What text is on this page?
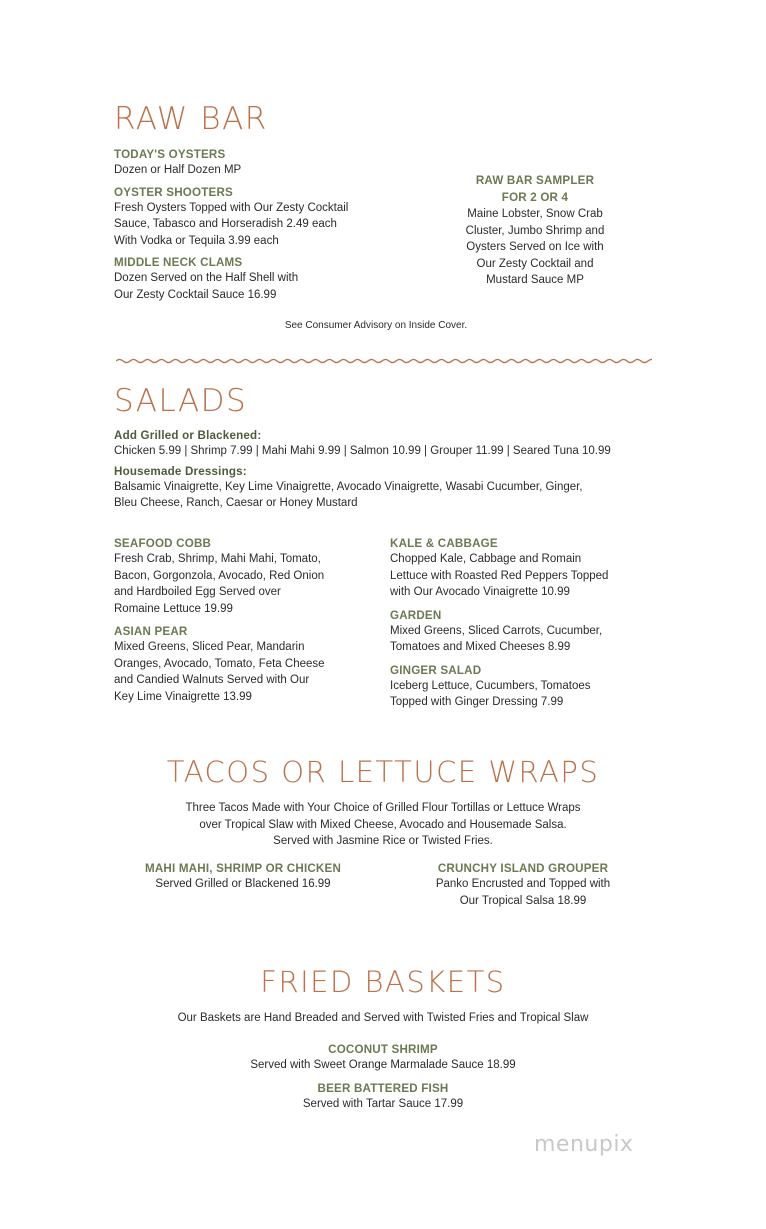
RAW BAR
TODAY'S OYSTERS
Dozen or Half Dozen MP
OYSTER SHOOTERS
Fresh Oysters Topped with Our Zesty Cocktail
Sauce, Tabasco and Horseradish 2.49 each
With Vodka or Tequila 3.99 each
MIDDLE NECK CLAMS
Dozen Served on the Half Shell with
Our Zesty Cocktail Sauce 16.99
RAW BAR SAMPLER
FOR 2 OR 4
Maine Lobster, Snow Crab
Cluster, Jumbo Shrimp and
Oysters Served on Ice with
Our Zesty Cocktail and
Mustard Sauce MP
See Consumer Advisory on Inside Cover.
SALADS
Add Grilled or Blackened:
Chicken 5.99 | Shrimp 7.99 | Mahi Mahi 9.99 | Salmon 10.99 | Grouper 11.99 | Seared Tuna 10.99
Housemade Dressings:
Balsamic Vinaigrette, Key Lime Vinaigrette, Avocado Vinaigrette, Wasabi Cucumber, Ginger,
Bleu Cheese, Ranch, Caesar or Honey Mustard
SEAFOOD COBB
Fresh Crab, Shrimp, Mahi Mahi, Tomato,
Bacon, Gorgonzola, Avocado, Red Onion
and Hardboiled Egg Served over
Romaine Lettuce 19.99
ASIAN PEAR
Mixed Greens, Sliced Pear, Mandarin
Oranges, Avocado, Tomato, Feta Cheese
and Candied Walnuts Served with Our
Key Lime Vinaigrette 13.99
KALE & CABBAGE
Chopped Kale, Cabbage and Romain
Lettuce with Roasted Red Peppers Topped
with Our Avocado Vinaigrette 10.99
GARDEN
Mixed Greens, Sliced Carrots, Cucumber,
Tomatoes and Mixed Cheeses 8.99
GINGER SALAD
Iceberg Lettuce, Cucumbers, Tomatoes
Topped with Ginger Dressing 7.99
TACOS OR LETTUCE WRAPS
Three Tacos Made with Your Choice of Grilled Flour Tortillas or Lettuce Wraps
over Tropical Slaw with Mixed Cheese, Avocado and Housemade Salsa.
Served with Jasmine Rice or Twisted Fries.
MAHI MAHI, SHRIMP OR CHICKEN
Served Grilled or Blackened 16.99
CRUNCHY ISLAND GROUPER
Panko Encrusted and Topped with
Our Tropical Salsa 18.99
FRIED BASKETS
Our Baskets are Hand Breaded and Served with Twisted Fries and Tropical Slaw
COCONUT SHRIMP
Served with Sweet Orange Marmalade Sauce 18.99
BEER BATTERED FISH
Served with Tartar Sauce 17.99
menupix
